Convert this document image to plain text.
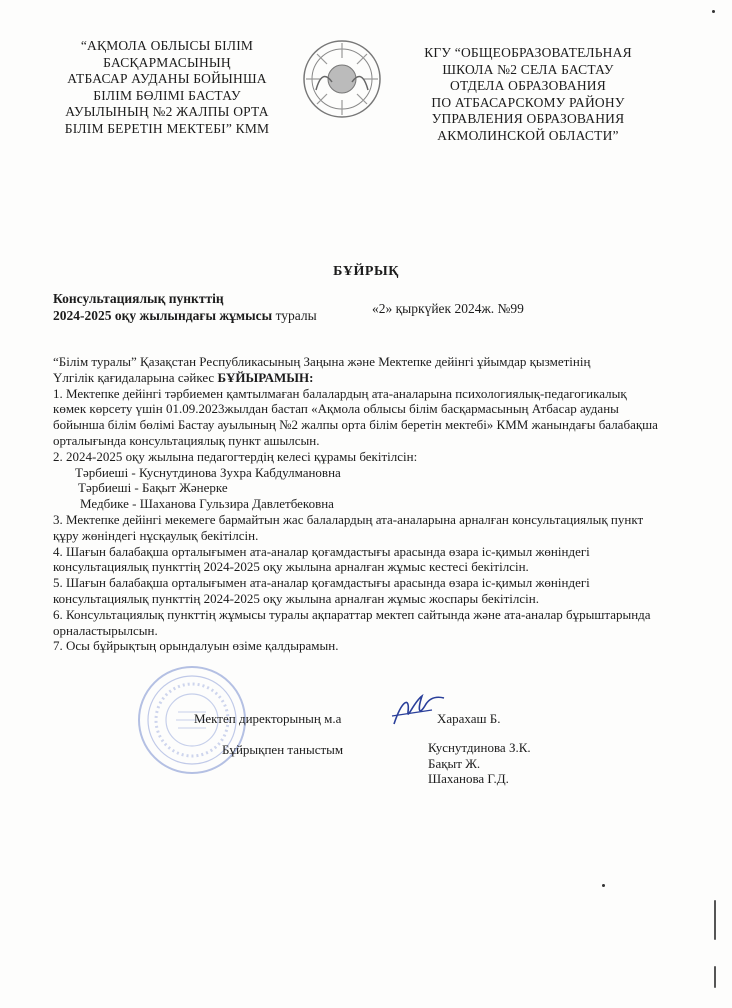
“АҚМОЛА ОБЛЫСЫ БІЛІМ
БАСҚАРМАСЫНЫҢ
АТБАСАР АУДАНЫ БОЙЫНША
БІЛІМ БӨЛІМІ БАСТАУ
АУЫЛЫНЫҢ №2 ЖАЛПЫ ОРТА
БІЛІМ БЕРЕТІН МЕКТЕБІ” КММ
КГУ “ОБЩЕОБРАЗОВАТЕЛЬНАЯ
ШКОЛА №2 СЕЛА БАСТАУ
ОТДЕЛА ОБРАЗОВАНИЯ
ПО АТБАСАРСКОМУ РАЙОНУ
УПРАВЛЕНИЯ ОБРАЗОВАНИЯ
АКМОЛИНСКОЙ ОБЛАСТИ”
БҰЙРЫҚ
Консультациялық пункттің
2024-2025 оқу жылындағы жұмысы туралы	«2» қыркүйек 2024ж. №99

“Білім туралы” Қазақстан Республикасының Заңына және Мектепке дейінгі ұйымдар қызметінің

Үлгілік қағидаларына сәйкес БҰЙЫРАМЫН:

1. Мектепке дейінгі тәрбиемен қамтылмаған балалардың ата-аналарына психологиялық-педагогикалық көмек көрсету үшін 01.09.2023жылдан бастап «Ақмола облысы білім басқармасының Атбасар ауданы бойынша білім бөлімі Бастау ауылының №2 жалпы орта білім беретін мектебі» КММ жанындағы балабақша орталығында консультациялық пункт ашылсын.

2. 2024-2025 оқу жылына педагогтердің келесі құрамы бекітілсін:

Тәрбиеші - Куснутдинова Зухра Кабдулмановна

Тәрбиеші - Бақыт Жәнерке

Медбике - Шаханова Гульзира Давлетбековна

3. Мектепке дейінгі мекемеге бармайтын жас балалардың ата-аналарына арналған консультациялық пункт құру жөніндегі нұсқаулық бекітілсін.

4. Шағын балабақша орталығымен ата-аналар қоғамдастығы арасында өзара іс-қимыл жөніндегі консультациялық пункттің 2024-2025 оқу жылына арналған жұмыс кестесі бекітілсін.

5. Шағын балабақша орталығымен ата-аналар қоғамдастығы арасында өзара іс-қимыл жөніндегі консультациялық пункттің 2024-2025 оқу жылына арналған жұмыс жоспары бекітілсін.

6. Консультациялық пункттің жұмысы туралы ақпараттар мектеп сайтында және ата-аналар бұрыштарында орналастырылсын.

7. Осы бұйрықтың орындалуын өзіме қалдырамын.

Мектеп директорының м.а	Харахаш Б.
Бұйрықпен таныстым	Куснутдинова З.К.
Бақыт Ж.
Шаханова Г.Д.
